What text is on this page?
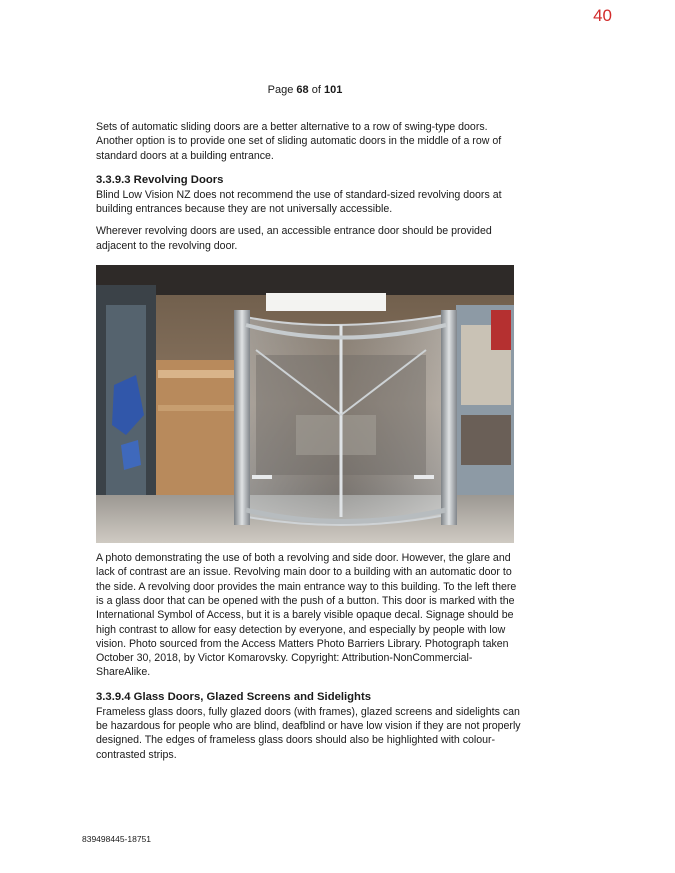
40
Page 68 of 101

Sets of automatic sliding doors are a better alternative to a row of swing-type doors. Another option is to provide one set of sliding automatic doors in the middle of a row of standard doors at a building entrance.

3.3.9.3 Revolving Doors

Blind Low Vision NZ does not recommend the use of standard-sized revolving doors at building entrances because they are not universally accessible.

Wherever revolving doors are used, an accessible entrance door should be provided adjacent to the revolving door.

A photo demonstrating the use of both a revolving and side door. However, the glare and lack of contrast are an issue. Revolving main door to a building with an automatic door to the side. A revolving door provides the main entrance way to this building. To the left there is a glass door that can be opened with the push of a button. This door is marked with the International Symbol of Access, but it is a barely visible opaque decal. Signage should be high contrast to allow for easy detection by everyone, and especially by people with low vision. Photo sourced from the Access Matters Photo Barriers Library. Photograph taken October 30, 2018, by Victor Komarovsky. Copyright: Attribution-NonCommercial-ShareAlike.

3.3.9.4 Glass Doors, Glazed Screens and Sidelights

Frameless glass doors, fully glazed doors (with frames), glazed screens and sidelights can be hazardous for people who are blind, deafblind or have low vision if they are not properly designed. The edges of frameless glass doors should also be highlighted with colour-contrasted strips.

839498445-18751
